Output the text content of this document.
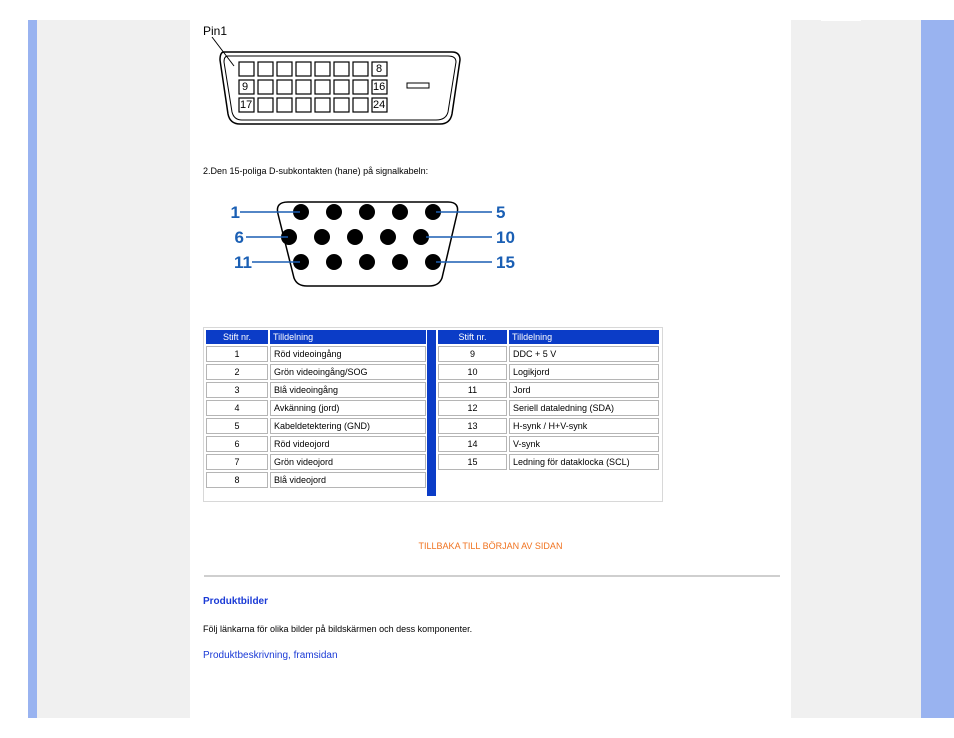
Pin1
8
9	16
17	24
2.Den 15-poliga D-subkontakten (hane) på signalkabeln:
1	5
6	10
11	15
Stift nr.	Tilldelning
1	Röd videoingång
2	Grön videoingång/SOG
3	Blå videoingång
4	Avkänning (jord)
5	Kabeldetektering (GND)
6	Röd videojord
7	Grön videojord
8	Blå videojord
Stift nr.	Tilldelning
9	DDC + 5 V
10	Logikjord
11	Jord
12	Seriell dataledning (SDA)
13	H-synk / H+V-synk
14	V-synk
15	Ledning för dataklocka (SCL)
TILLBAKA TILL BÖRJAN AV SIDAN
Produktbilder
Följ länkarna för olika bilder på bildskärmen och dess komponenter.
Produktbeskrivning, framsidan
